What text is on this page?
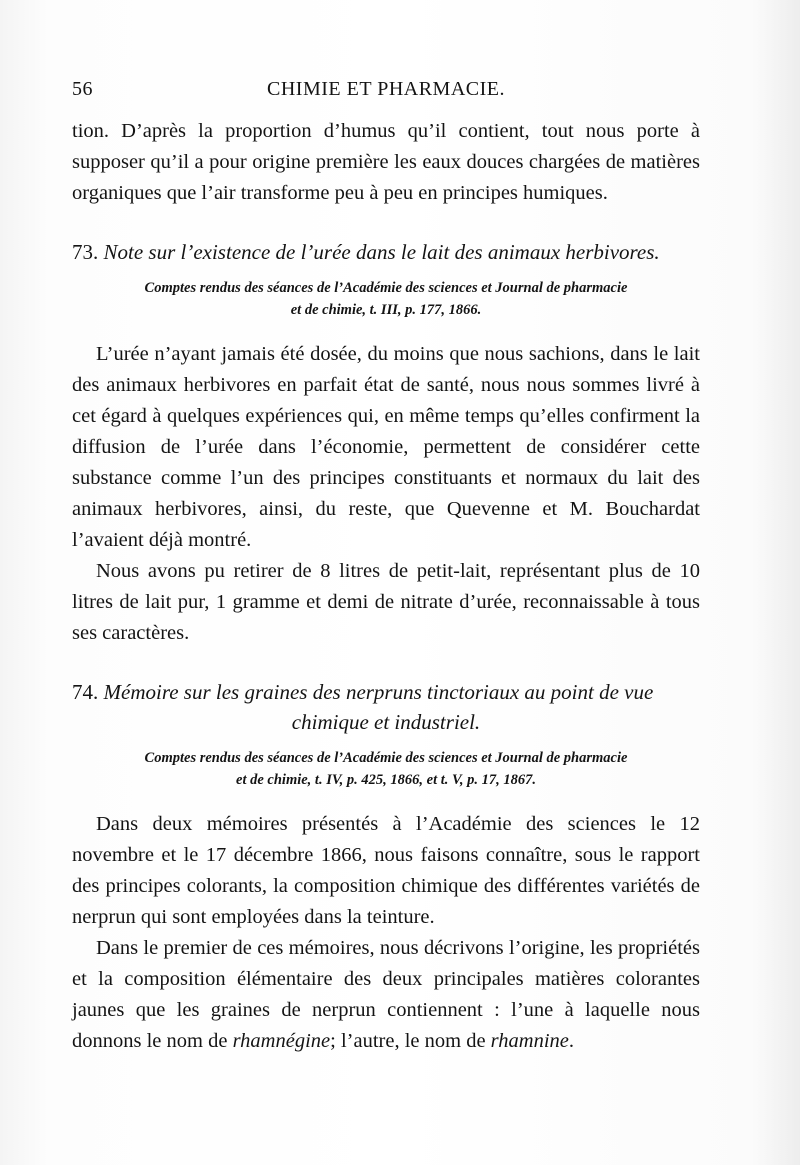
56	CHIMIE ET PHARMACIE.

tion. D’après la proportion d’humus qu’il contient, tout nous porte à supposer qu’il a pour origine première les eaux douces chargées de matières organiques que l’air transforme peu à peu en principes humiques.

73. Note sur l’existence de l’urée dans le lait des animaux herbivores.

Comptes rendus des séances de l’Académie des sciences et Journal de pharmacie
et de chimie, t. III, p. 177, 1866.

L’urée n’ayant jamais été dosée, du moins que nous sachions, dans le lait des animaux herbivores en parfait état de santé, nous nous sommes livré à cet égard à quelques expériences qui, en même temps qu’elles confirment la diffusion de l’urée dans l’économie, permettent de considérer cette substance comme l’un des principes constituants et normaux du lait des animaux herbivores, ainsi, du reste, que Quevenne et M. Bouchardat l’avaient déjà montré.

Nous avons pu retirer de 8 litres de petit-lait, représentant plus de 10 litres de lait pur, 1 gramme et demi de nitrate d’urée, reconnaissable à tous ses caractères.

74. Mémoire sur les graines des nerpruns tinctoriaux au point de vue
chimique et industriel.

Comptes rendus des séances de l’Académie des sciences et Journal de pharmacie
et de chimie, t. IV, p. 425, 1866, et t. V, p. 17, 1867.

Dans deux mémoires présentés à l’Académie des sciences le 12 novembre et le 17 décembre 1866, nous faisons connaître, sous le rapport des principes colorants, la composition chimique des différentes variétés de nerprun qui sont employées dans la teinture.

Dans le premier de ces mémoires, nous décrivons l’origine, les propriétés et la composition élémentaire des deux principales matières colorantes jaunes que les graines de nerprun contiennent : l’une à laquelle nous donnons le nom de rhamnégine; l’autre, le nom de rhamnine.
